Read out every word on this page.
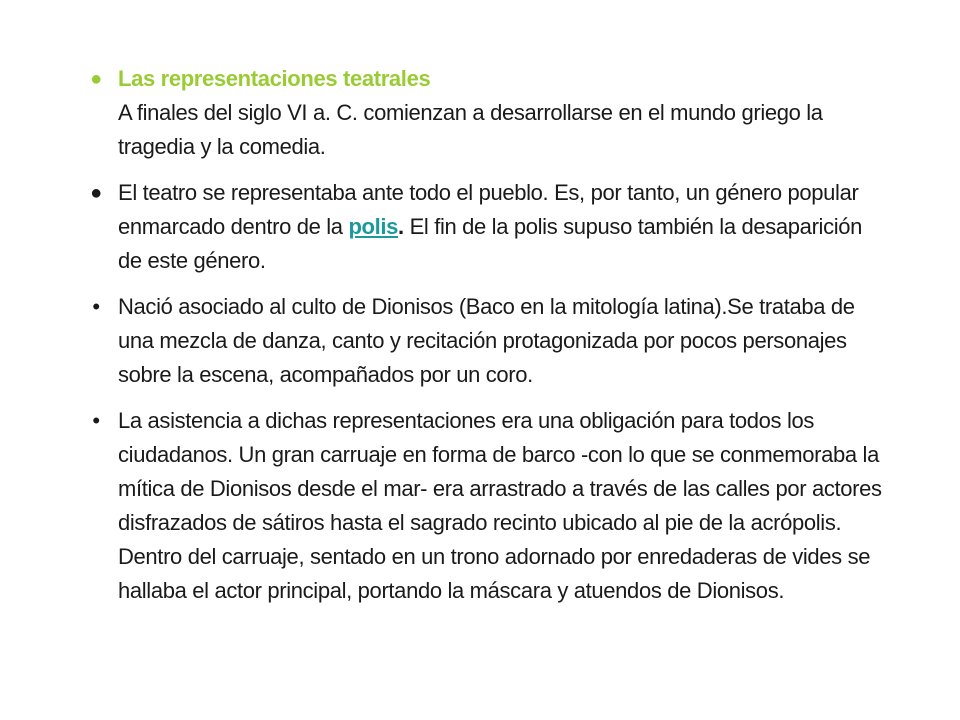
● Las representaciones teatrales
A finales del siglo VI a. C. comienzan a desarrollarse en el mundo griego la tragedia y la comedia.
● El teatro se representaba ante todo el pueblo. Es, por tanto, un género popular enmarcado dentro de la polis. El fin de la polis supuso también la desaparición de este género.
• Nació asociado al culto de Dionisos (Baco en la mitología latina).Se trataba de una mezcla de danza, canto y recitación protagonizada por pocos personajes sobre la escena, acompañados por un coro.
• La asistencia a dichas representaciones era una obligación para todos los ciudadanos. Un gran carruaje en forma de barco -con lo que se conmemoraba la mítica de Dionisos desde el mar- era arrastrado a través de las calles por actores disfrazados de sátiros hasta el sagrado recinto ubicado al pie de la acrópolis. Dentro del carruaje, sentado en un trono adornado por enredaderas de vides se hallaba el actor principal, portando la máscara y atuendos de Dionisos.
